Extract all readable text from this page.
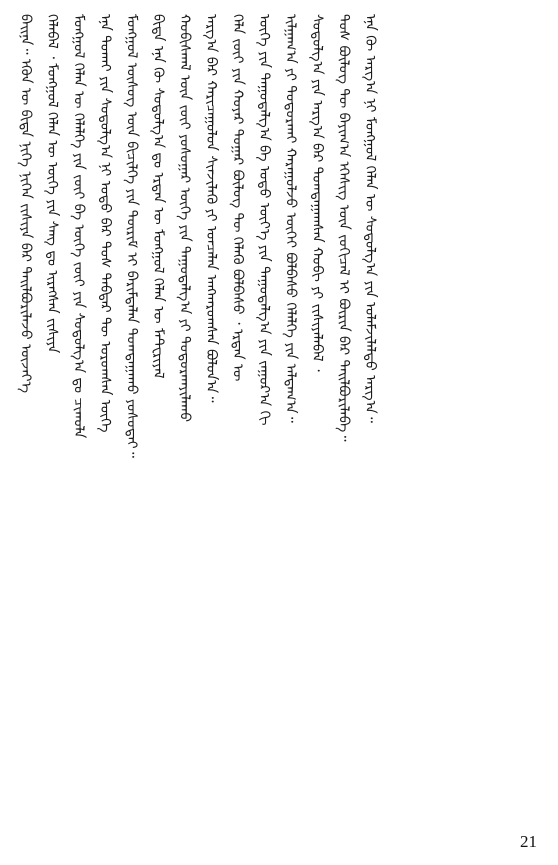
ᠪᠠᠢᠨᠠ᠃ ᠡᠭᠦᠨ ᠦ ᠪᠢᠳᠡ ᠨᠢᠭᠡ ᠨᠢᠭᠡᠨ ᠵᠢᠱᠢᠶᠡ ᠪᠡᠷ ᠲᠠᠢᠯᠪᠤᠷᠢᠯᠠᠵᠤ ᠦᠵᠡᠶ᠎ᠡ ᠬᠡᠯᠡᠪᠡᠯ ᠂ ᠮᠣᠩᠭᠣᠯ ᠬᠡᠯᠡᠨ ᠦ ᠦᠭᠡ ᠶᠢᠨ ᠰᠠᠩ ᠳᠤ ᠢᠷᠡᠭᠰᠡᠨ ᠵᠢᠱᠢᠶᠡ ᠮᠣᠩᠭᠣᠯ ᠬᠡᠯᠡᠨ ᠦ ᠬᠡᠯᠡᠯᠭᠡ ᠶᠢᠨ ᠵᠦᠢ ᠪᠠ ᠦᠭᠡ ᠵᠦᠢ ᠶᠢᠨ ᠰᠤᠳᠤᠯᠭ᠎ᠠ ᠳᠤ ᠴᠢᠬᠤᠯᠠ ᠡᠨᠡ ᠲᠤᠬᠠᠢ ᠶᠢᠨ ᠰᠤᠳᠤᠯᠭ᠎ᠠ ᠨᠢ ᠣᠳᠣ ᠪᠡᠷ ᠲᠤᠰ ᠳᠡᠪᠲᠡᠷ ᠲᠦ ᠣᠷᠣᠭᠰᠠᠨ ᠦᠭᠡ ᠮᠣᠩᠭᠣᠯ ᠦᠰᠦᠭ ᠦᠨ ᠪᠢᠴᠢᠯᠭᠡ ᠶᠢᠨ ᠳᠦᠷᠢᠮ ᠢ ᠪᠠᠷᠢᠮᠲᠠᠯᠠᠨ ᠲᠣᠭᠲᠠᠭᠠᠬᠤ ᠶᠤᠰᠤᠲᠠᠢ᠃ ᠪᠢᠳᠡ ᠡᠨᠡ ᠬᠦ ᠰᠤᠳᠤᠯᠭ᠎ᠠ ᠳᠤ ᠡᠷᠲᠡᠨ ᠦ ᠮᠣᠩᠭᠣᠯ ᠬᠡᠯᠡᠨ ᠦ ᠮᠠᠲ᠋ᠧᠷᠢᠶᠠᠯ ᠬᠤᠪᠢᠰᠬᠠᠯ ᠦᠨ ᠵᠦᠢ ᠶᠣᠰᠣᠭᠠᠷ ᠦᠭᠡ ᠶᠢᠨ ᠳᠠᠭᠤᠳᠠᠯᠭ᠎ᠠ ᠶᠢ ᠲᠣᠳᠣᠷᠬᠠᠶᠢᠯᠠᠬᠤ ᠠᠷᠭ᠎ᠠ ᠪᠠᠷ ᠬᠠᠷᠢᠴᠠᠭᠤᠯᠤᠨ ᠰᠢᠨᠵᠢᠯᠡᠬᠦ ᠶᠢ ᠣᠨᠴᠠᠯᠠᠨ ᠠᠩᠬᠠᠷᠤᠭᠰᠠᠨ ᠪᠣᠯᠤᠨ᠎ᠠ᠃ ᠬᠡᠯᠡ ᠵᠦᠢ ᠶᠢᠨ ᠬᠣᠶᠠᠷ ᠳᠤᠭᠠᠷ ᠪᠦᠯᠦᠭ ᠲᠦ ᠬᠡᠯᠡᠬᠦ ᠪᠣᠯᠪᠠᠰᠤ ᠂ ᠡᠷᠲᠡᠨ ᠦ ᠦᠭᠡ ᠶᠢᠨ ᠳᠠᠭᠤᠳᠠᠯᠭ᠎ᠠ ᠪᠠ ᠣᠳᠣ ᠦᠶ᠎ᠡ ᠶᠢᠨ ᠳᠠᠭᠤᠳᠠᠯᠭ᠎ᠠ ᠶᠢᠨ ᠵᠠᠭᠤᠷ᠎ᠠ ᠬᠢ ᠢᠯᠭᠠᠭ᠎ᠠ ᠶᠢ ᠲᠣᠳᠣᠷᠬᠠᠢ ᠬᠠᠷᠠᠭᠤᠯᠵᠤ ᠦᠭᠡᠢ ᠪᠣᠯᠪᠠᠰᠤ ᠬᠡᠯᠡᠯᠭᠡ ᠶᠢᠨ ᠠᠯᠳᠠᠭ᠎ᠠ᠃ ᠰᠤᠳᠤᠯᠭ᠎ᠠ ᠶᠢᠨ ᠠᠷᠭ᠎ᠠ ᠪᠠᠷ ᠲᠣᠭᠲᠠᠭᠠᠭᠰᠠᠨ ᠬᠤᠪᠢ ᠶᠢ ᠵᠢᠱᠢᠶᠡᠯᠡᠪᠡᠯ ᠂ ᠲᠤᠰ ᠪᠦᠯᠦᠭ ᠲᠦ ᠪᠠᠶᠢᠭ᠎ᠠ ᠡᠭᠡᠰᠢᠭ ᠦᠨ ᠵᠣᠬᠢᠴᠠᠯ ᠢ ᠪᠦᠷᠢᠨ ᠪᠠᠷ ᠲᠠᠢᠯᠪᠤᠷᠢᠯᠠᠪᠠ᠃ ᠡᠨᠡ ᠬᠦ ᠠᠷᠭ᠎ᠠ ᠨᠢ ᠮᠣᠩᠭᠣᠯ ᠬᠡᠯᠡᠨ ᠦ ᠰᠤᠳᠤᠯᠭ᠎ᠠ ᠶᠢᠨ ᠤᠯᠠᠮᠵᠢᠯᠠᠯᠲᠤ ᠠᠷᠭ᠎ᠠ᠃
21
